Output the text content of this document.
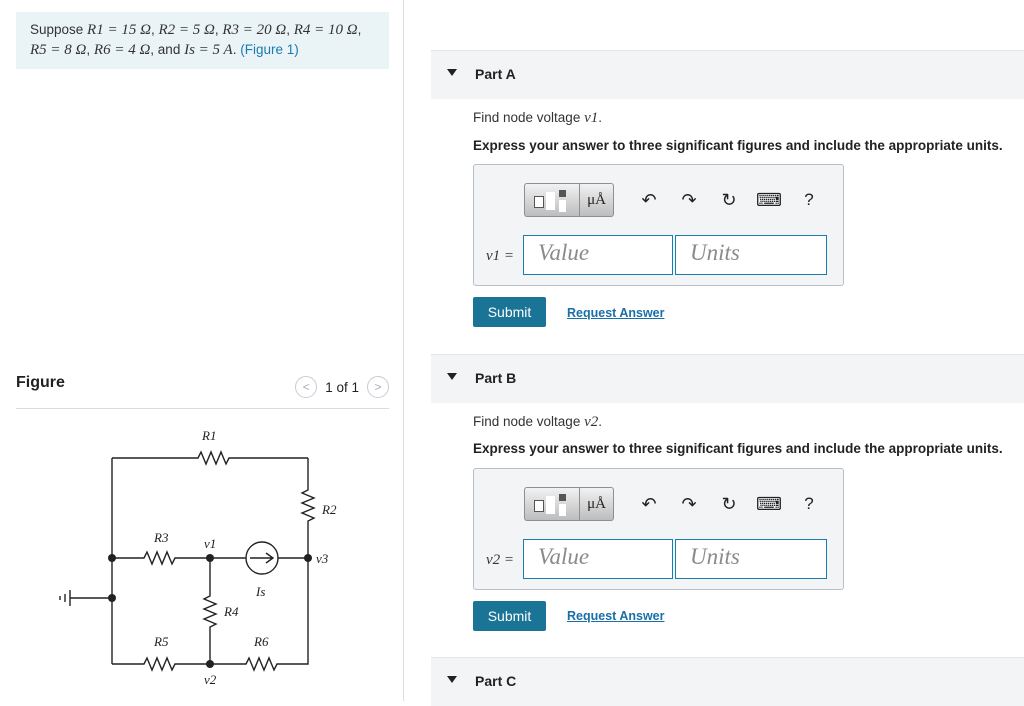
Suppose R1 = 15 Ω, R2 = 5 Ω, R3 = 20 Ω, R4 = 10 Ω,
R5 = 8 Ω, R6 = 4 Ω, and Is = 5 A. (Figure 1)
Figure	<	1 of 1	>
R1
R2
R3
R4
R5	R6
v1
v2
v3
Is
Part A
Find node voltage v1.
Express your answer to three significant figures and include the appropriate units.
μÅ	↶	↷	↻	⌨	?
v1 =	Value	Units
Submit	Request Answer
Part B
Find node voltage v2.
Express your answer to three significant figures and include the appropriate units.
μÅ	↶	↷	↻	⌨	?
v2 =	Value	Units
Submit	Request Answer
Part C
